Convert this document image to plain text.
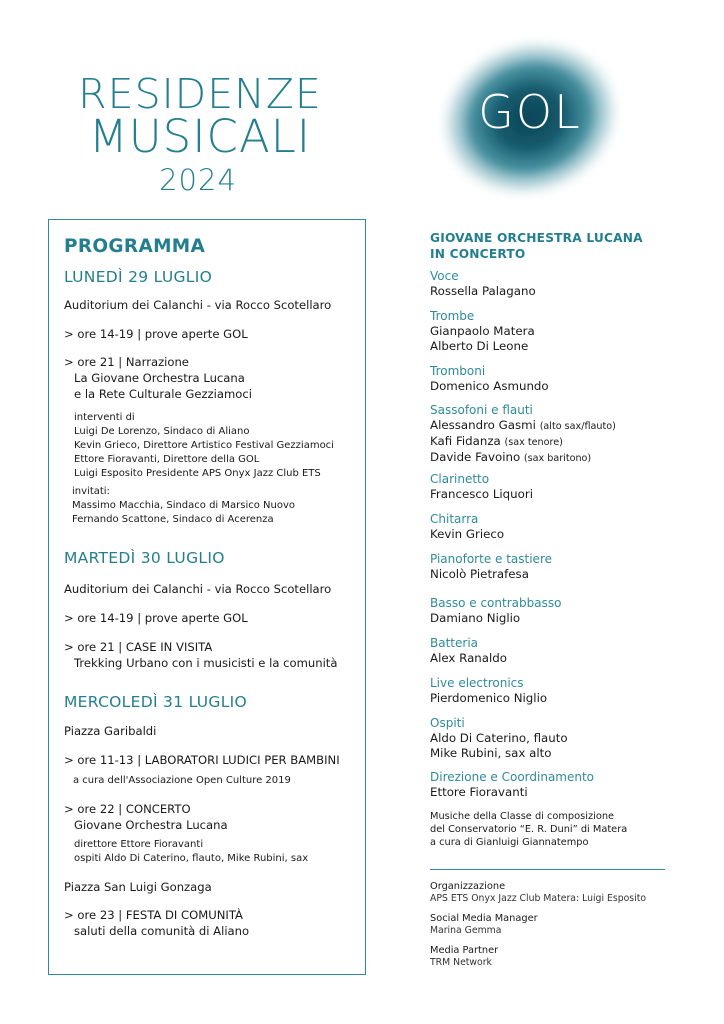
RESIDENZE
MUSICALI
2024
GOL
PROGRAMMA
LUNEDÌ 29 LUGLIO
Auditorium dei Calanchi - via Rocco Scotellaro
> ore 14-19 | prove aperte GOL
> ore 21 | Narrazione
La Giovane Orchestra Lucana
e la Rete Culturale Gezziamoci
interventi di
Luigi De Lorenzo, Sindaco di Aliano
Kevin Grieco, Direttore Artistico Festival Gezziamoci
Ettore Fioravanti, Direttore della GOL
Luigi Esposito Presidente APS Onyx Jazz Club ETS
invitati:
Massimo Macchia, Sindaco di Marsico Nuovo
Fernando Scattone, Sindaco di Acerenza
MARTEDÌ 30 LUGLIO
Auditorium dei Calanchi - via Rocco Scotellaro
> ore 14-19 | prove aperte GOL
> ore 21 | CASE IN VISITA
Trekking Urbano con i musicisti e la comunità
MERCOLEDÌ 31 LUGLIO
Piazza Garibaldi
> ore 11-13 | LABORATORI LUDICI PER BAMBINI
a cura dell'Associazione Open Culture 2019
> ore 22 | CONCERTO
Giovane Orchestra Lucana
direttore Ettore Fioravanti
ospiti Aldo Di Caterino, flauto, Mike Rubini, sax
Piazza San Luigi Gonzaga
> ore 23 | FESTA DI COMUNITÀ
saluti della comunità di Aliano
GIOVANE ORCHESTRA LUCANA
IN CONCERTO
Voce
Rossella Palagano
Trombe
Gianpaolo Matera
Alberto Di Leone
Tromboni
Domenico Asmundo
Sassofoni e flauti
Alessandro Gasmi (alto sax/flauto)
Kafi Fidanza (sax tenore)
Davide Favoino (sax baritono)
Clarinetto
Francesco Liquori
Chitarra
Kevin Grieco
Pianoforte e tastiere
Nicolò Pietrafesa
Basso e contrabbasso
Damiano Niglio
Batteria
Alex Ranaldo
Live electronics
Pierdomenico Niglio
Ospiti
Aldo Di Caterino, flauto
Mike Rubini, sax alto
Direzione e Coordinamento
Ettore Fioravanti
Musiche della Classe di composizione
del Conservatorio “E. R. Duni” di Matera
a cura di Gianluigi Giannatempo
Organizzazione
APS ETS Onyx Jazz Club Matera: Luigi Esposito
Social Media Manager
Marina Gemma
Media Partner
TRM Network
